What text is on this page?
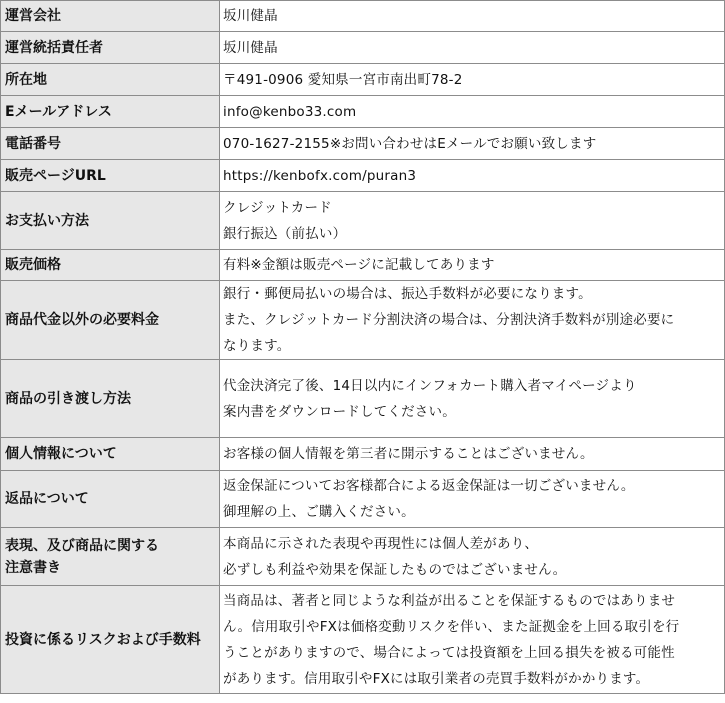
運営会社	坂川健晶

運営統括責任者	坂川健晶

所在地	〒491-0906 愛知県一宮市南出町78-2

Eメールアドレス	info@kenbo33.com

電話番号	070-1627-2155※お問い合わせはEメールでお願い致します

販売ページURL	https://kenbofx.com/puran3

お支払い方法	クレジットカード
銀行振込（前払い）

販売価格	有料※金額は販売ページに記載してあります

商品代金以外の必要料金	銀行・郵便局払いの場合は、振込手数料が必要になります。
また、クレジットカード分割決済の場合は、分割決済手数料が別途必要に
なります。

商品の引き渡し方法	代金決済完了後、14日以内にインフォカート購入者マイページより
案内書をダウンロードしてください。

個人情報について	お客様の個人情報を第三者に開示することはございません。

返品について	返金保証についてお客様都合による返金保証は一切ございません。
御理解の上、ご購入ください。

表現、及び商品に関する
注意書き	本商品に示された表現や再現性には個人差があり、
必ずしも利益や効果を保証したものではございません。

投資に係るリスクおよび手数料	当商品は、著者と同じような利益が出ることを保証するものではありませ
ん。信用取引やFXは価格変動リスクを伴い、また証拠金を上回る取引を行
うことがありますので、場合によっては投資額を上回る損失を被る可能性
があります。信用取引やFXには取引業者の売買手数料がかかります。
